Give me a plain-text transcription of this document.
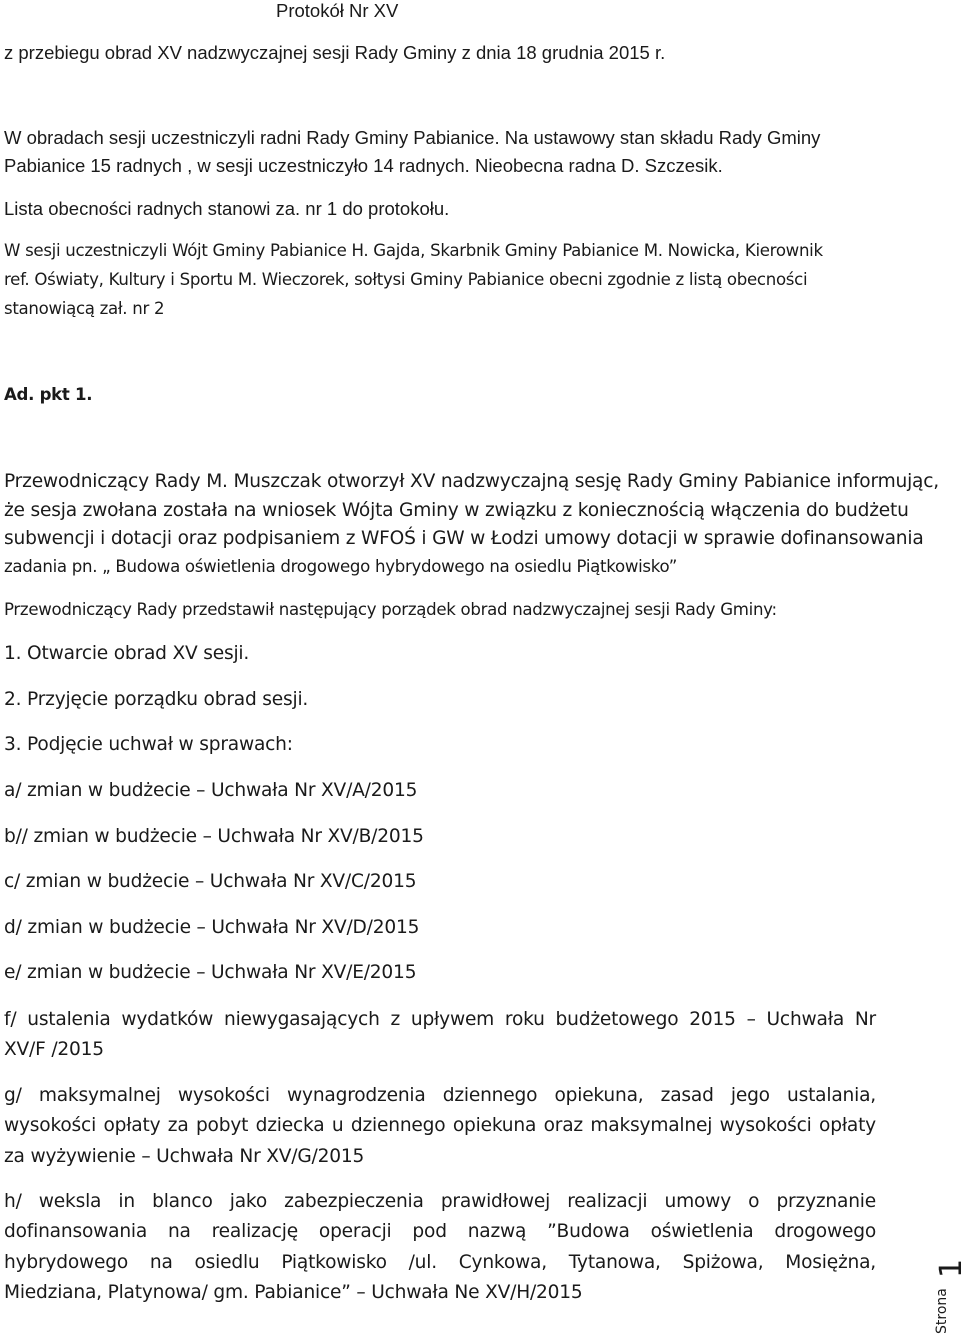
Protokół Nr XV

z przebiegu obrad XV nadzwyczajnej sesji Rady Gminy z dnia 18 grudnia 2015 r.

W obradach sesji uczestniczyli radni Rady Gminy Pabianice. Na ustawowy stan składu Rady Gminy

Pabianice 15 radnych , w sesji uczestniczyło 14 radnych. Nieobecna radna D. Szczesik.

Lista obecności radnych stanowi za. nr 1 do protokołu.

W sesji uczestniczyli Wójt Gminy Pabianice H. Gajda, Skarbnik Gminy Pabianice M. Nowicka, Kierownik

ref. Oświaty, Kultury i Sportu M. Wieczorek, sołtysi Gminy Pabianice obecni zgodnie z listą obecności

stanowiącą zał. nr 2

Ad. pkt 1.

Przewodniczący Rady M. Muszczak otworzył XV nadzwyczajną sesję Rady Gminy Pabianice informując,

że sesja zwołana została na wniosek Wójta Gminy w związku z koniecznością włączenia do budżetu

subwencji i dotacji oraz podpisaniem z WFOŚ i GW w Łodzi umowy dotacji w sprawie dofinansowania

zadania pn. „ Budowa oświetlenia drogowego hybrydowego na osiedlu Piątkowisko”

Przewodniczący Rady przedstawił następujący porządek obrad nadzwyczajnej sesji Rady Gminy:

1. Otwarcie obrad XV sesji.

2. Przyjęcie porządku obrad sesji.

3. Podjęcie uchwał w sprawach:

a/ zmian w budżecie – Uchwała Nr XV/A/2015

b// zmian w budżecie – Uchwała Nr XV/B/2015

c/ zmian w budżecie – Uchwała Nr XV/C/2015

d/ zmian w budżecie – Uchwała Nr XV/D/2015

e/ zmian w budżecie – Uchwała Nr XV/E/2015

f/ ustalenia wydatków niewygasających z upływem roku budżetowego 2015 – Uchwała Nr

XV/F /2015

g/ maksymalnej wysokości wynagrodzenia dziennego opiekuna, zasad jego ustalania,

wysokości opłaty za pobyt dziecka u dziennego opiekuna oraz maksymalnej wysokości opłaty

za wyżywienie – Uchwała Nr XV/G/2015

h/ weksla in blanco jako zabezpieczenia prawidłowej realizacji umowy o przyznanie

dofinansowania na realizację operacji pod nazwą ”Budowa oświetlenia drogowego

hybrydowego na osiedlu Piątkowisko /ul. Cynkowa, Tytanowa, Spiżowa, Mosiężna,

Miedziana, Platynowa/ gm. Pabianice” – Uchwała Ne XV/H/2015	Strona
1
